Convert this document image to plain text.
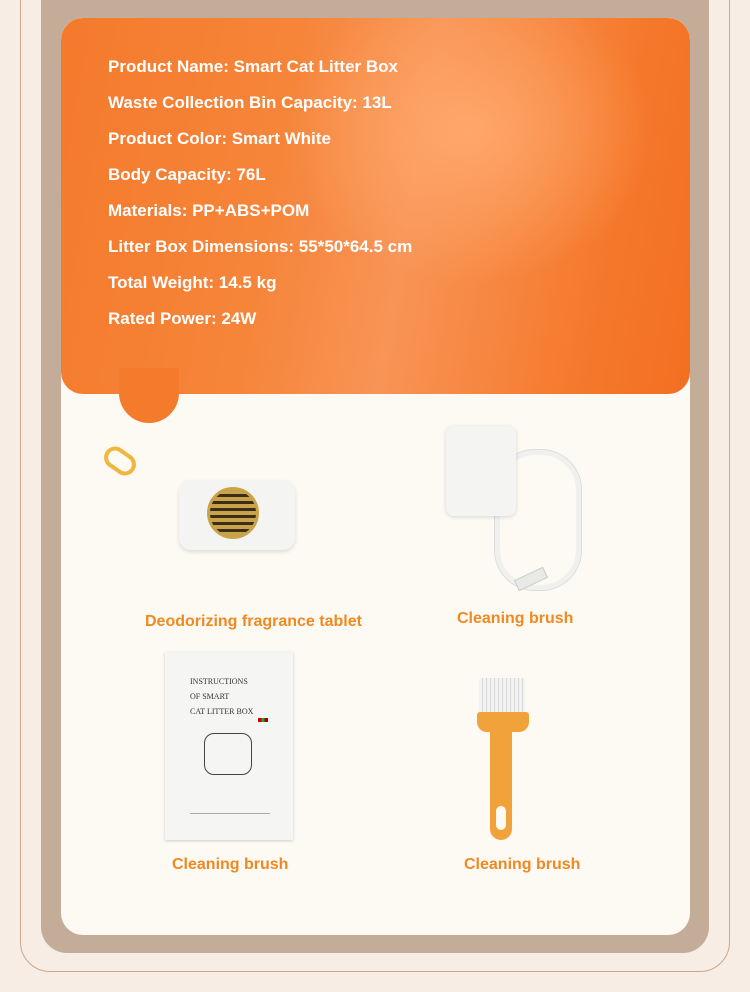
Product Name: Smart Cat Litter Box
Waste Collection Bin Capacity: 13L
Product Color: Smart White
Body Capacity: 76L
Materials: PP+ABS+POM
Litter Box Dimensions: 55*50*64.5 cm
Total Weight: 14.5 kg
Rated Power: 24W
Deodorizing fragrance tablet	Cleaning brush
INSTRUCTIONS
OF SMART
CAT LITTER BOX
Cleaning brush	Cleaning brush
